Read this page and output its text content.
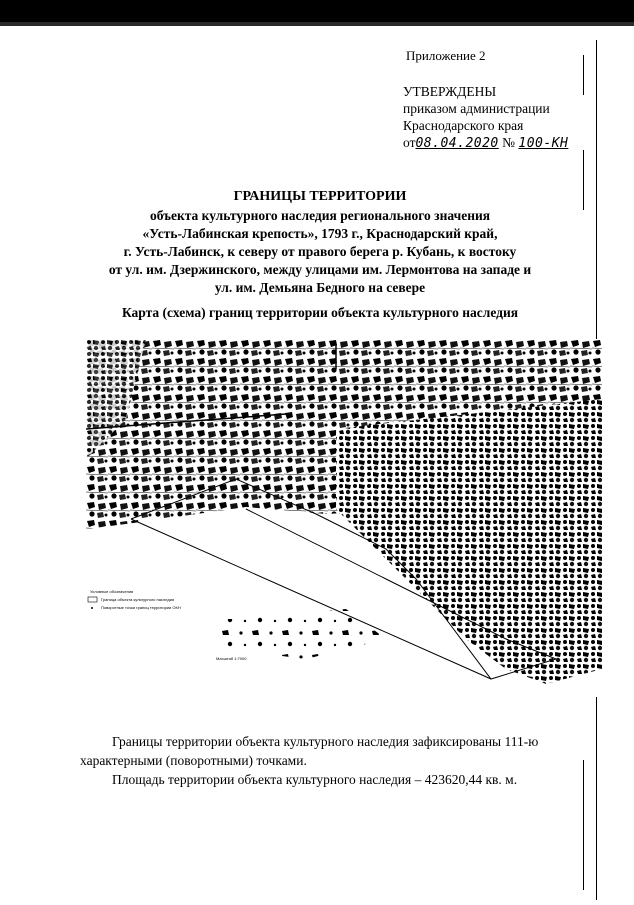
Приложение 2
УТВЕРЖДЕНЫ
приказом администрации
Краснодарского края
от08.04.2020 № 100-КН
ГРАНИЦЫ ТЕРРИТОРИИ
объекта культурного наследия регионального значения
«Усть-Лабинская крепость», 1793 г., Краснодарский край,
г. Усть-Лабинск, к северу от правого берега р. Кубань, к востоку
от ул. им. Дзержинского, между улицами им. Лермонтова на западе и
ул. им. Демьяна Бедного на севере
Карта (схема) границ территории объекта культурного наследия
Условные обозначения
Граница объекта культурного наследия
Поворотные точки границ территории ОКН
Масштаб 1:7000

Границы территории объекта культурного наследия зафиксированы 111-ю

характерными (поворотными) точками.

Площадь территории объекта культурного наследия – 423620,44 кв. м.
